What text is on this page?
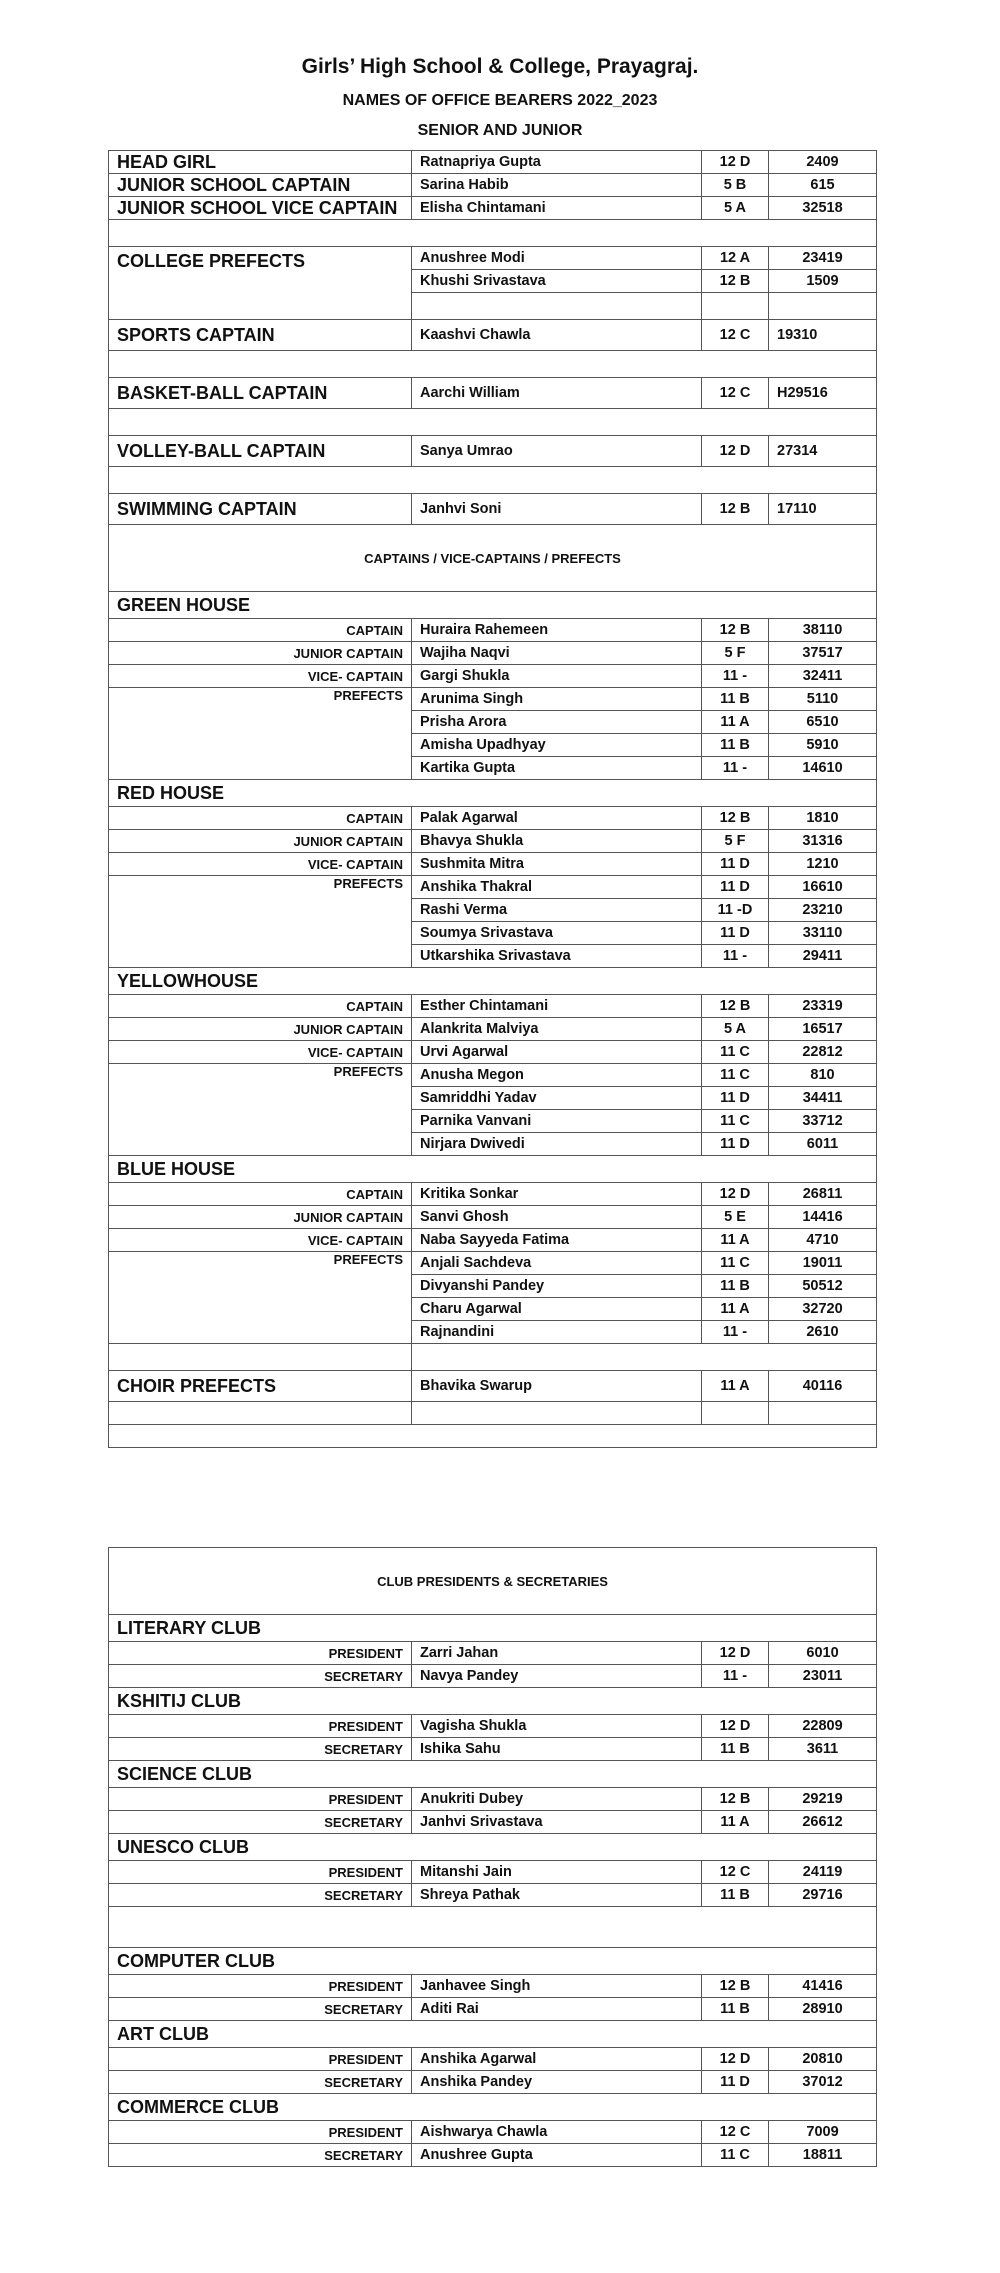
Girls’ High School & College, Prayagraj.
NAMES OF OFFICE BEARERS 2022_2023
SENIOR AND JUNIOR
HEAD GIRL	Ratnapriya Gupta	12 D	2409
JUNIOR SCHOOL CAPTAIN	Sarina Habib	5 B	615
JUNIOR SCHOOL VICE CAPTAIN	Elisha Chintamani	5 A	32518

COLLEGE PREFECTS	Anushree Modi	12 A	23419
	Khushi Srivastava	12 B	1509

SPORTS CAPTAIN	Kaashvi Chawla	12 C	19310

BASKET-BALL CAPTAIN	Aarchi William	12 C	H29516

VOLLEY-BALL CAPTAIN	Sanya Umrao	12 D	27314

SWIMMING CAPTAIN	Janhvi Soni	12 B	17110
CAPTAINS / VICE-CAPTAINS / PREFECTS			
GREEN HOUSE			
CAPTAIN	Huraira Rahemeen	12 B	38110
JUNIOR CAPTAIN	Wajiha Naqvi	5 F	37517
VICE- CAPTAIN	Gargi Shukla	11 -	32411
PREFECTS	Arunima Singh	11 B	5110
	Prisha Arora	11 A	6510
	Amisha Upadhyay	11 B	5910
	Kartika Gupta	11 -	14610
RED HOUSE			
CAPTAIN	Palak Agarwal	12 B	1810
JUNIOR CAPTAIN	Bhavya Shukla	5 F	31316
VICE- CAPTAIN	Sushmita Mitra	11 D	1210
PREFECTS	Anshika Thakral	11 D	16610
	Rashi Verma	11 -D	23210
	Soumya Srivastava	11 D	33110
	Utkarshika Srivastava	11 -	29411
YELLOWHOUSE			
CAPTAIN	Esther Chintamani	12 B	23319
JUNIOR CAPTAIN	Alankrita Malviya	5 A	16517
VICE- CAPTAIN	Urvi Agarwal	11 C	22812
PREFECTS	Anusha Megon	11 C	810
	Samriddhi Yadav	11 D	34411
	Parnika Vanvani	11 C	33712
	Nirjara Dwivedi	11 D	6011
BLUE HOUSE			
CAPTAIN	Kritika Sonkar	12 D	26811
JUNIOR CAPTAIN	Sanvi Ghosh	5 E	14416
VICE- CAPTAIN	Naba Sayyeda Fatima	11 A	4710
PREFECTS	Anjali Sachdeva	11 C	19011
	Divyanshi Pandey	11 B	50512
	Charu Agarwal	11 A	32720
	Rajnandini	11 -	2610

CHOIR PREFECTS	Bhavika Swarup	11 A	40116

CLUB PRESIDENTS & SECRETARIES			
LITERARY CLUB			
PRESIDENT	Zarri Jahan	12 D	6010
SECRETARY	Navya Pandey	11 -	23011
KSHITIJ CLUB			
PRESIDENT	Vagisha Shukla	12 D	22809
SECRETARY	Ishika Sahu	11 B	3611
SCIENCE CLUB			
PRESIDENT	Anukriti Dubey	12 B	29219
SECRETARY	Janhvi Srivastava	11 A	26612
UNESCO CLUB			
PRESIDENT	Mitanshi Jain	12 C	24119
SECRETARY	Shreya Pathak	11 B	29716

COMPUTER CLUB			
PRESIDENT	Janhavee Singh	12 B	41416
SECRETARY	Aditi Rai	11 B	28910
ART CLUB			
PRESIDENT	Anshika Agarwal	12 D	20810
SECRETARY	Anshika Pandey	11 D	37012
COMMERCE CLUB			
PRESIDENT	Aishwarya Chawla	12 C	7009
SECRETARY	Anushree Gupta	11 C	18811
